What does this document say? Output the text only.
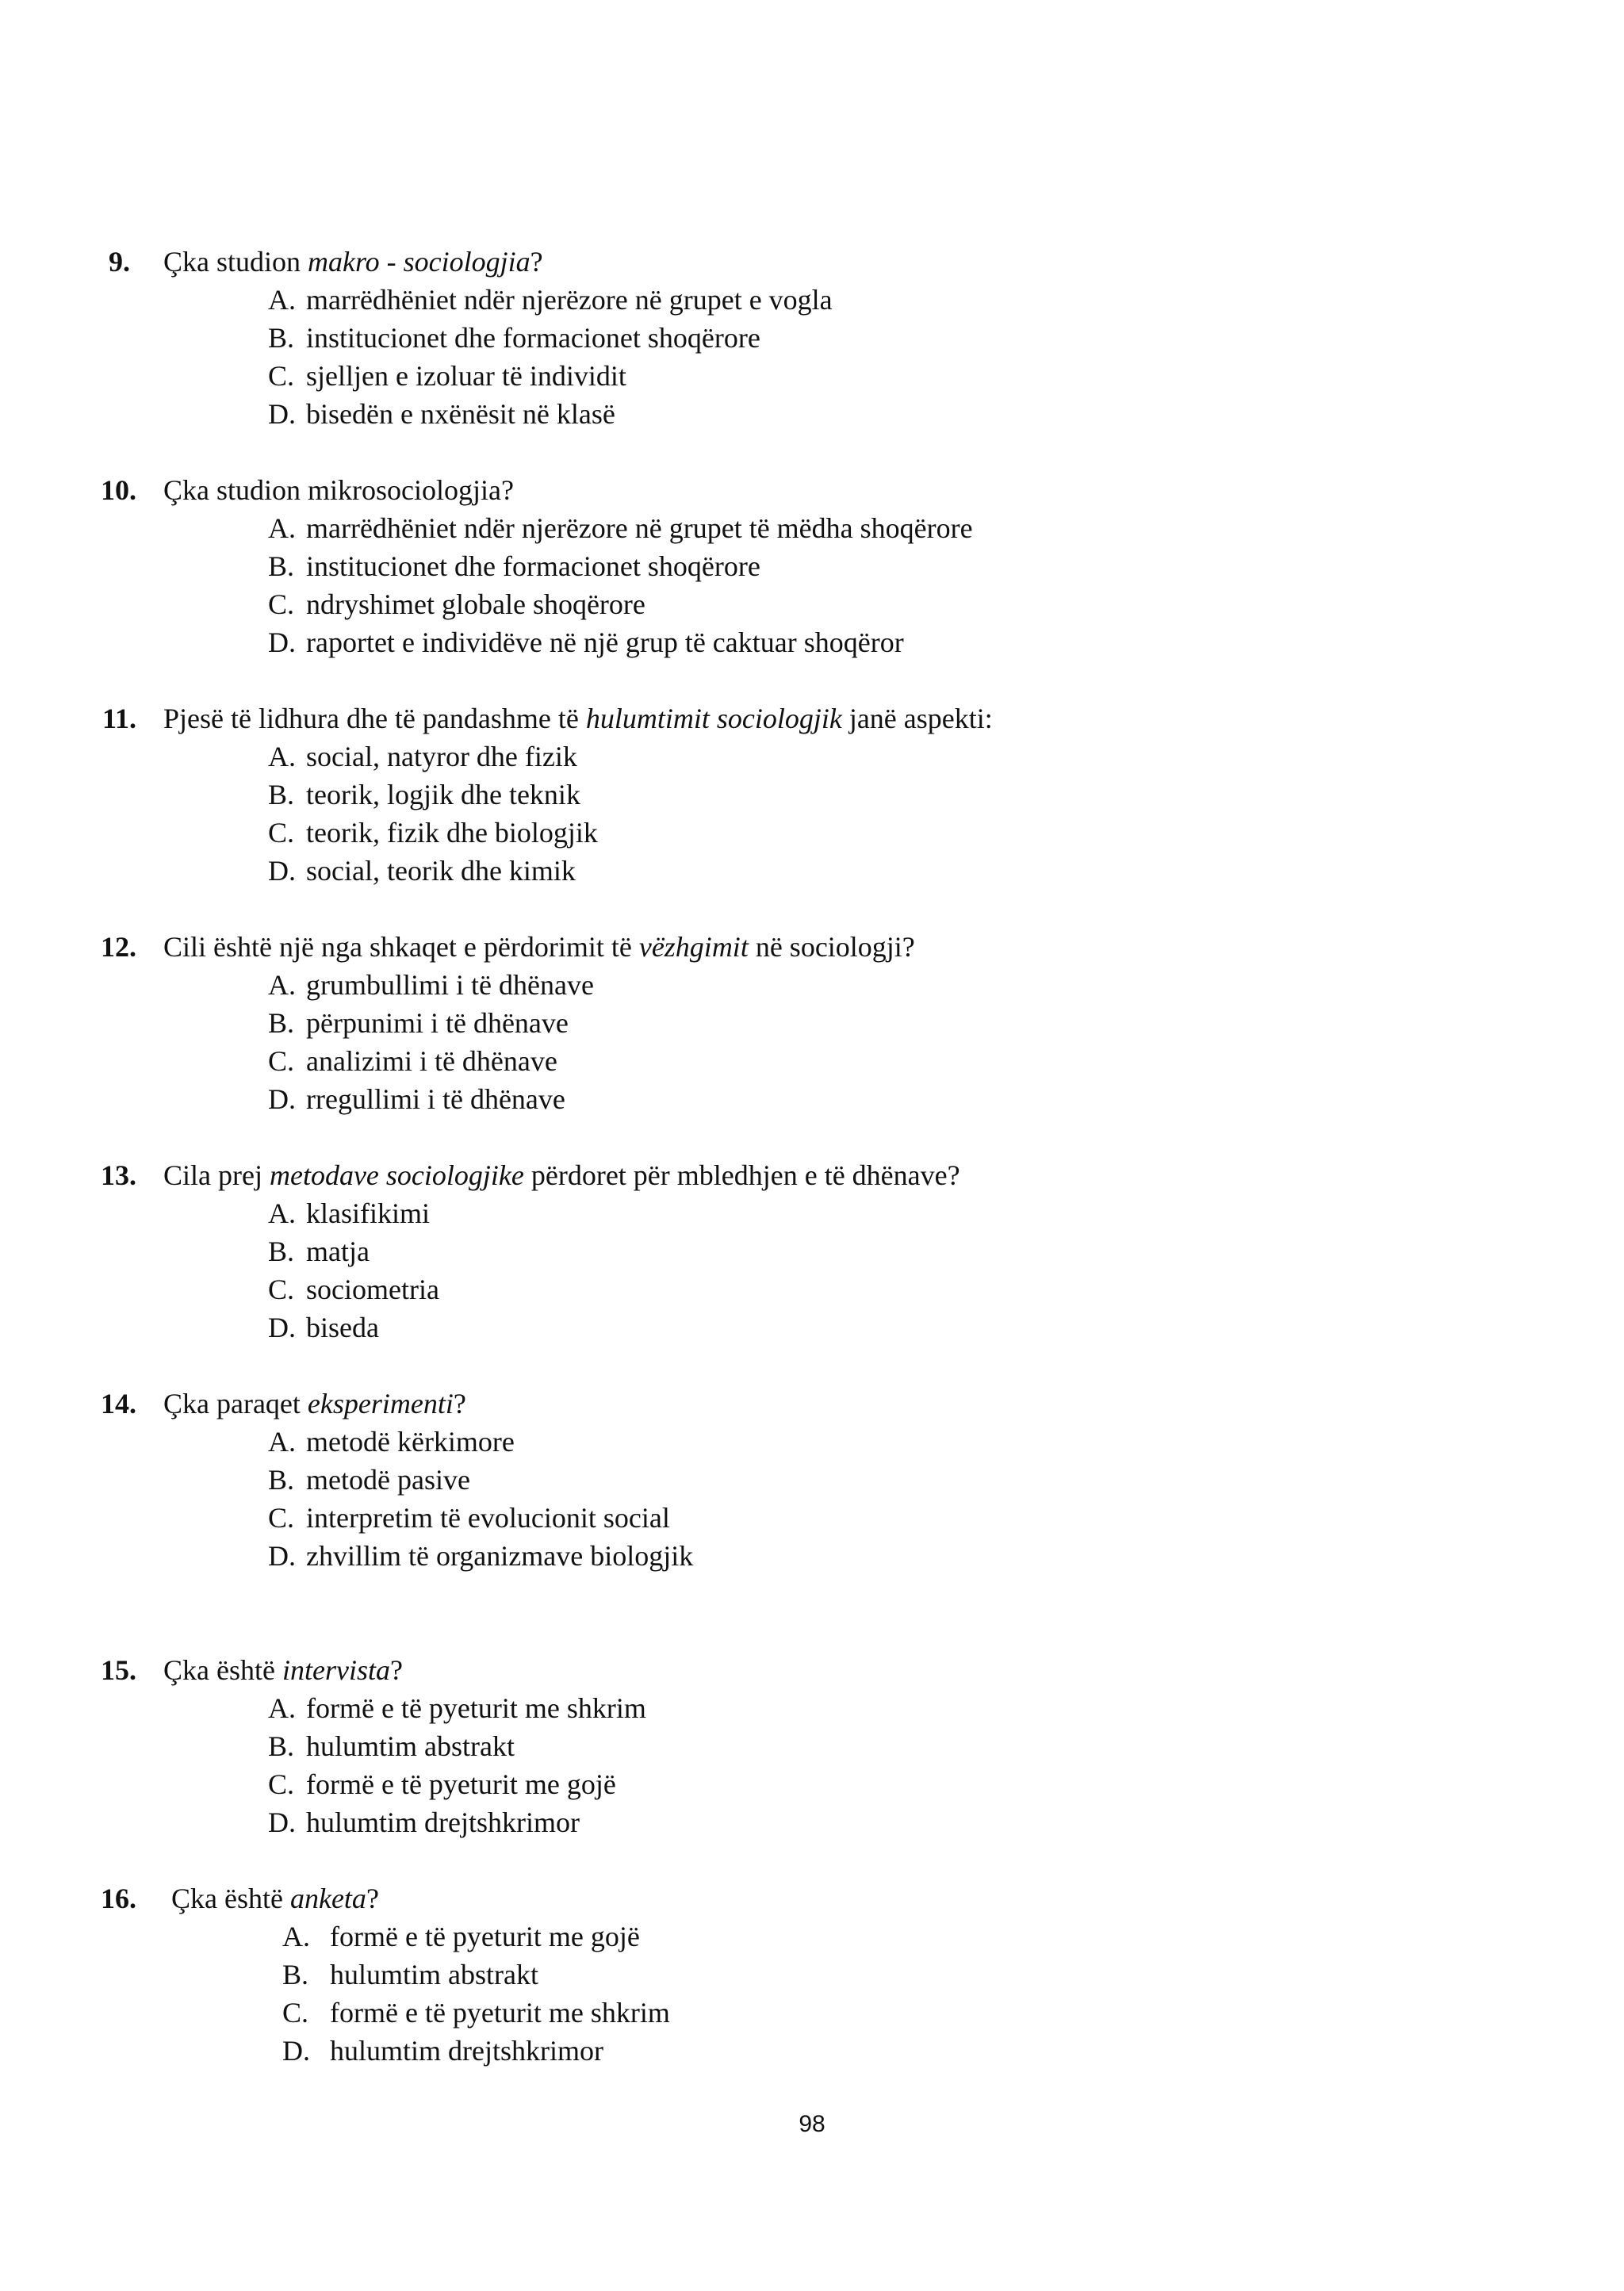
9. Çka studion makro - sociologjia?
A. marrëdhëniet ndër njerëzore në grupet e vogla
B. institucionet dhe formacionet shoqërore
C. sjelljen e izoluar të individit
D. bisedën e nxënësit në klasë
10. Çka studion mikrosociologjia?
A. marrëdhëniet ndër njerëzore në grupet të mëdha shoqërore
B. institucionet dhe formacionet shoqërore
C. ndryshimet globale shoqërore
D. raportet e individëve në një grup të caktuar shoqëror
11. Pjesë të lidhura dhe të pandashme të hulumtimit sociologjik janë aspekti:
A. social, natyror dhe fizik
B. teorik, logjik dhe teknik
C. teorik, fizik dhe biologjik
D. social, teorik dhe kimik
12. Cili është një nga shkaqet e përdorimit të vëzhgimit në sociologji?
A. grumbullimi i të dhënave
B. përpunimi i të dhënave
C. analizimi i të dhënave
D. rregullimi i të dhënave
13. Cila prej metodave sociologjike përdoret për mbledhjen e të dhënave?
A. klasifikimi
B. matja
C. sociometria
D. biseda
14. Çka paraqet eksperimenti?
A. metodë kërkimore
B. metodë pasive
C. interpretim të evolucionit social
D. zhvillim të organizmave biologjik
15. Çka është intervista?
A. formë e të pyeturit me shkrim
B. hulumtim abstrakt
C. formë e të pyeturit me gojë
D. hulumtim drejtshkrimor
16. Çka është anketa?
A. formë e të pyeturit me gojë
B. hulumtim abstrakt
C. formë e të pyeturit me shkrim
D. hulumtim drejtshkrimor
98
